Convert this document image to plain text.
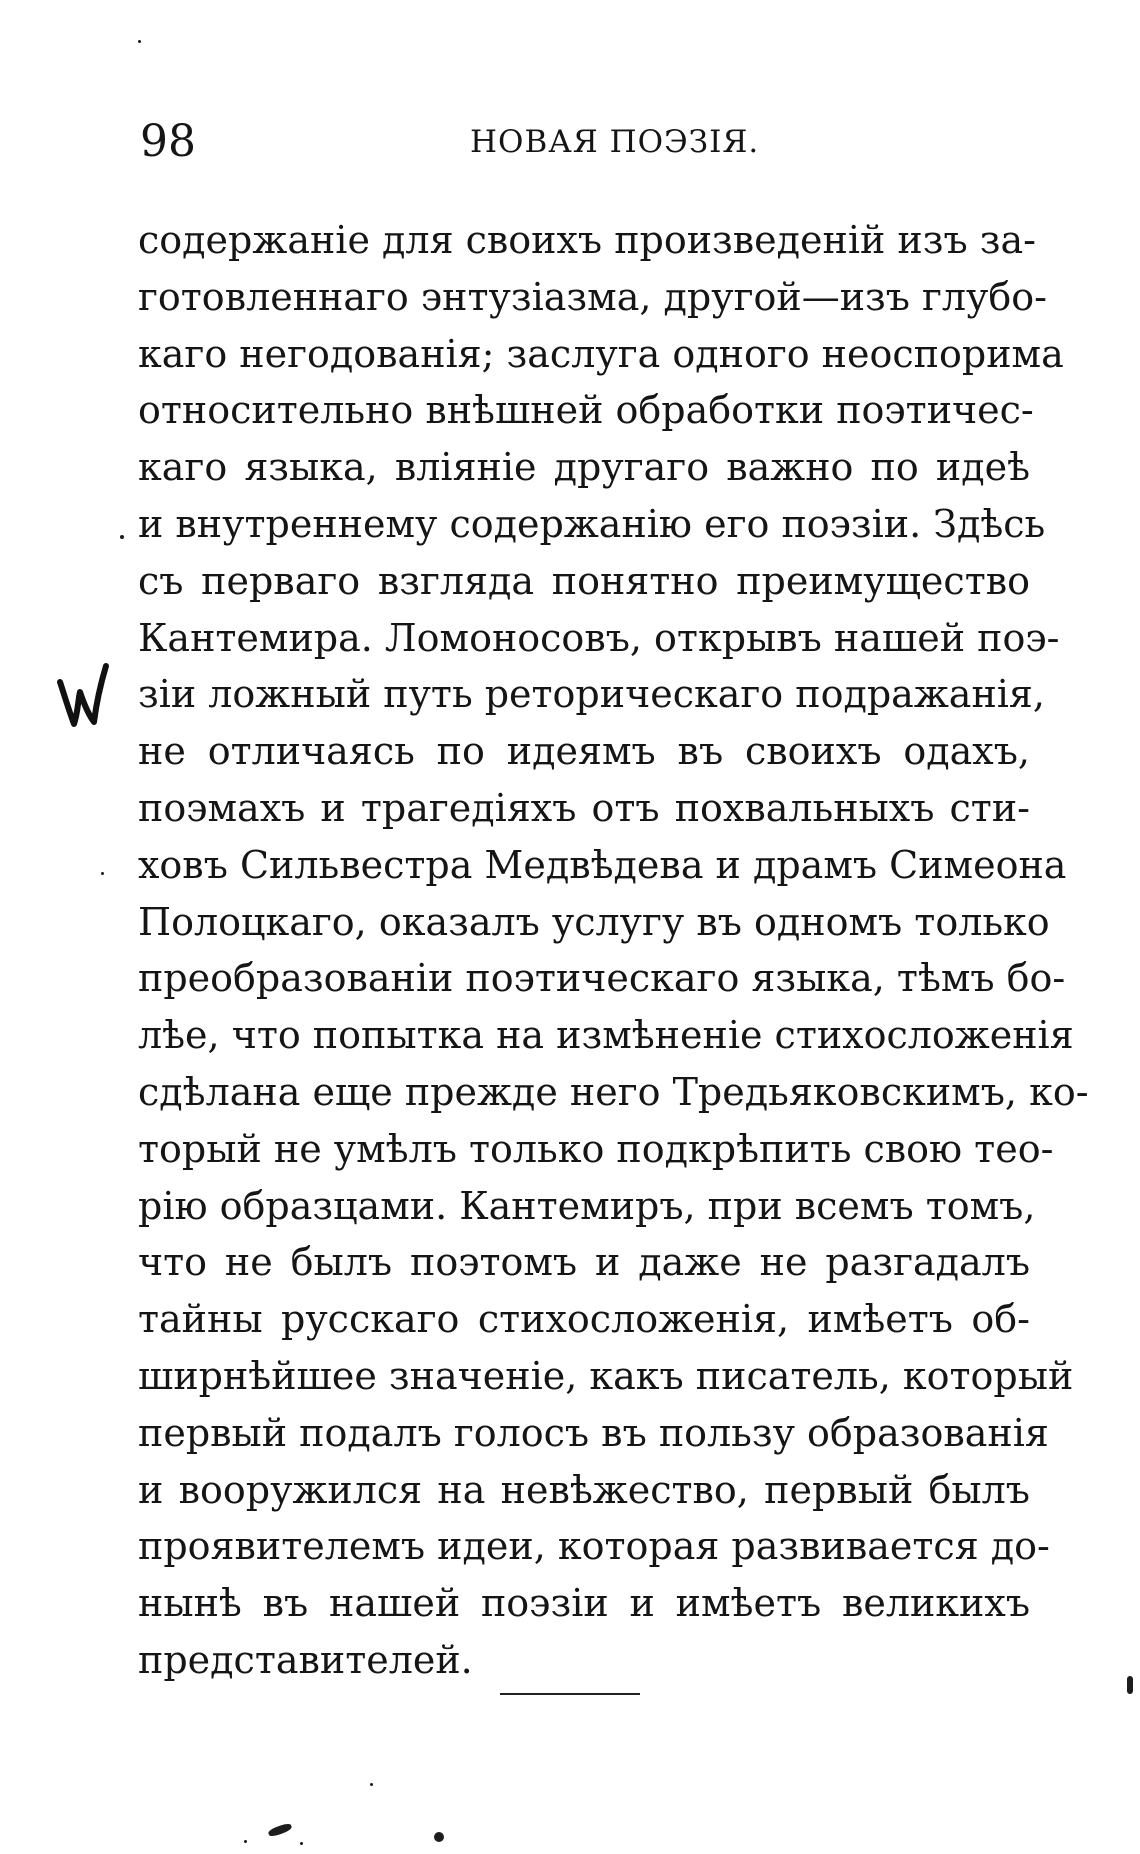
98	НОВАЯ ПОЭЗІЯ.
содержаніе для своихъ произведеній изъ за-
готовленнаго энтузіазма, другой—изъ глубо-
каго негодованія; заслуга одного неоспорима
относительно внѣшней обработки поэтичес-
каго языка, вліяніе другаго важно по идеѣ
и внутреннему содержанію его поэзіи. Здѣсь
съ перваго взгляда понятно преимущество
Кантемира. Ломоносовъ, открывъ нашей поэ-
зіи ложный путь реторическаго подражанія,
не отличаясь по идеямъ въ своихъ одахъ,
поэмахъ и трагедіяхъ отъ похвальныхъ сти-
ховъ Сильвестра Медвѣдева и драмъ Симеона
Полоцкаго, оказалъ услугу въ одномъ только
преобразованіи поэтическаго языка, тѣмъ бо-
лѣе, что попытка на измѣненіе стихосложенія
сдѣлана еще прежде него Тредьяковскимъ, ко-
торый не умѣлъ только подкрѣпить свою тео-
рію образцами. Кантемиръ, при всемъ томъ,
что не былъ поэтомъ и даже не разгадалъ
тайны русскаго стихосложенія, имѣетъ об-
ширнѣйшее значеніе, какъ писатель, который
первый подалъ голосъ въ пользу образованія
и вооружился на невѣжество, первый былъ
проявителемъ идеи, которая развивается до-
нынѣ въ нашей поэзіи и имѣетъ великихъ
представителей.
